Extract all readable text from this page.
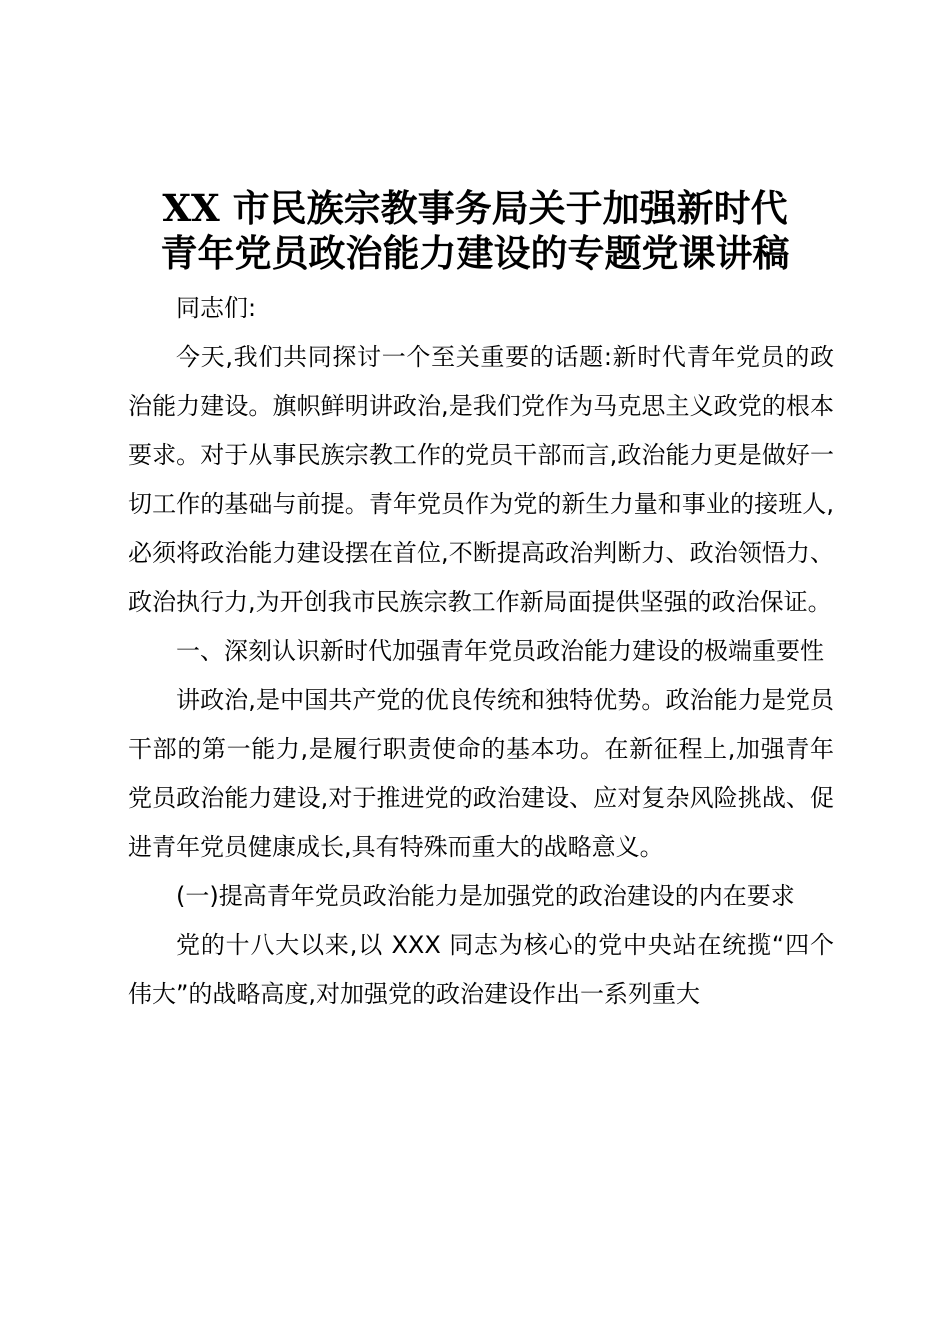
XX 市民族宗教事务局关于加强新时代
青年党员政治能力建设的专题党课讲稿

同志们:

今天,我们共同探讨一个至关重要的话题:新时代青年党员的政治能力建设。旗帜鲜明讲政治,是我们党作为马克思主义政党的根本要求。对于从事民族宗教工作的党员干部而言,政治能力更是做好一切工作的基础与前提。青年党员作为党的新生力量和事业的接班人,必须将政治能力建设摆在首位,不断提高政治判断力、政治领悟力、政治执行力,为开创我市民族宗教工作新局面提供坚强的政治保证。

一、深刻认识新时代加强青年党员政治能力建设的极端重要性

讲政治,是中国共产党的优良传统和独特优势。政治能力是党员干部的第一能力,是履行职责使命的基本功。在新征程上,加强青年党员政治能力建设,对于推进党的政治建设、应对复杂风险挑战、促进青年党员健康成长,具有特殊而重大的战略意义。

(一)提高青年党员政治能力是加强党的政治建设的内在要求

党的十八大以来,以 XXX 同志为核心的党中央站在统揽“四个伟大”的战略高度,对加强党的政治建设作出一系列重大
